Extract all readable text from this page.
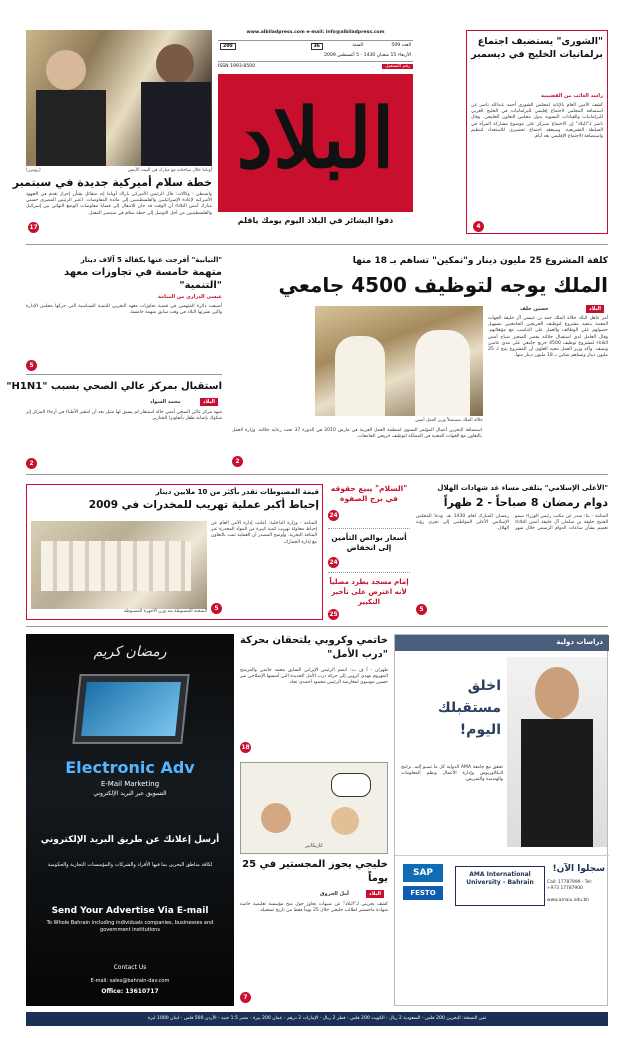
أوباما خلال مباحثاته مع مبارك في البيت الأبيض
(رويترز)
خطة سلام أميركية جديدة في سبتمبر
واشنطن - وكالات: قال الرئيس الأميركي باراك أوباما إنه متفائل بشأن إحراز تقدم في الجهود الأميركية لإعادة الإسرائيليين والفلسطينيين إلى مائدة المفاوضات. اعتبر الرئيس المصري حسني مبارك أمس الثلاثاء أن الوقت قد حان للانتقال إلى قضايا مفاوضات الوضع النهائي بين إسرائيل والفلسطينيين من أجل التوصل إلى خطة سلام في سبتمبر المقبل.
17
www.albiladpress.com e-mail: info@albiladpress.com
العدد 509
السنة
36
200
الأربعاء 15 شعبان 1430 - 5 أغسطس 2009
رقم التسجيل
ISSN 1993-8500
البلاد
دقوا البشائر في البلاد اليوم يومك ياقلم
"الشورى" يستضيف اجتماع برلمانيات الخليج في ديسمبر
راشد الغائب من القضيبية
كشف الأمين العام بالإنابة لمجلس الشورى أحمد عبدالله ناصر عن استضافة المجلس لاجتماع إقليمي للبرلمانيات في الخليج العربي للبرلمانيات والقيادات النسوية بدول مجلس التعاون الخليجي. وقال ناصر لـ"البلاد" إن الاجتماع سيركز على موضوع مشاركة المرأة في السلطة التشريعية. وسيعقد اجتماع تحضيري للاستعداد لتنظيم واستضافة الاجتماع الإقليمي بعد أيام.
4
كلفة المشروع 25 مليون دينار و"تمكين" تساهم بـ 18 منها
الملك يوجه لتوظيف 4500 جامعي
البلاد
حسين خلف
أمر عاهل البلاد جلالة الملك حمد بن عيسى آل خليفة الجهات المعنية بتنفيذ مشروع لتوظيف الخريجين الجامعيين بتسهيل حصولهم على الوظائف والعمل على التناسب مع مؤهلاتهم. وقال العامل لدى استقبال جلالته بقصر الصخير صباح أمس الثلاثاء لمشروع توظيف 4500 خريج جامعي على مدى عامين ونصف. وأكد وزير العمل مجيد العلوي أن المشروع يتيح لـ 25 مليون دينار وتساهم تمكين بـ 18 مليون دينار منها.
جلالة الملك مستقبلاً وزير العمل أمس
استضافة البحرين أعمال المؤتمر السنوي لمنظمة العمل العربية في مارس 2010 في الدورة 37 تحت رعاية جلالته. وزارة العمل بالتعاون مع الجهات المعنية في المملكة لتوظيف خريجي الجامعات.
2
"النيابية" أفرجت عنها بكفالة 5 آلاف دينار
متهمة خامسة في تجاوزات معهد "التنمية"
عيسى الدرازي من المنامة
أضيفت دائرة المتهمين في قضية تجاوزات معهد البحرين للتنمية السياسية التي حركها مجلس الإدارة والتي نشرتها البلاد في وقت سابق متهمة خامسة.
5
استقبال بمركز عالي الصحي بسبب "H1N1"
البلاد
محمد السواد
شهد مركز عالي الصحي أمس حالة استنفار لم يسبق لها مثيل بعد أن انتشر الأطباء في أرجاء المركز إثر شكوك بإصابة طفل بأنفلونزا الخنازير.
2
قيمة المضبوطات تقدر بأكثر من 10 ملايين دينار
إحباط أكبر عملية تهريب للمخدرات في 2009
الشحنة المضبوطة بعد وزن الأجهزة المضبوطة
المنامة - وزارة الداخلية: أعلنت إدارة الأمن العام عن إحباط محاولة تهريب كمية كبيرة من المواد المخدرة عبر المنافذ البحرية. وأوضح المصدر أن العملية تمت بالتعاون مع إدارة الجمارك.
5
"السلام" يبيع حقوقه في برج الصفوة
24
أسعار بوالص التأمين إلى انخفاض
24
إمام مسجد يطرد مصلياً لأنه اعترض على تأخير التكبير
25
"الأعلى الإسلامي" يتلقى مساء غد شهادات الهلال
دوام رمضان 8 صباحاً - 2 ظهراً
المنامة - بنا: صدر عن مكتب رئيس الوزراء سمو الشيخ خليفة بن سلمان آل خليفة أمس الثلاثاء تعميم بشأن ساعات الدوام الرسمي خلال شهر رمضان المبارك لعام 1430 هـ. ودعا المجلس الإسلامي الأعلى المواطنين إلى تحري رؤية الهلال.
5
رمضان كريم
Electronic Adv
E-Mail Marketing
التسويق عبر البريد الإلكتروني
أرسل إعلانك عن طريق البريد الإلكتروني
لكافة مناطق البحرين بما فيها الأفراد والشركات والمؤسسات التجارية والحكومية
Send Your Advertise Via E-mail
To Whole Bahrain including individuals companies, businesses and government institutions
Contact Us
E-mail: sales@bahrain-dav.com
Office: 13610717
خاتمي وكروبي يلتحقان بحركة "درب الأمل"
طهران - أ ف ب: انضم الرئيس الإيراني السابق محمد خاتمي والمرشح المهزوم مهدي كروبي إلى حركة درب الأمل الجديدة التي أسسها الإصلاحي مير حسين موسوي لمعارضة الرئيس محمود أحمدي نجاد.
18
كاريكاتير
خليجي يحوز المجستير في 25 يوماً
البلاد
أمل الحروق
كشف بحريني لـ"البلاد" عن شبهات تجاوز حول منح مؤسسة تعليمية خاصة شهادة ماجستير لطالب خليجي خلال 25 يوماً فقط من تاريخ تسجيله.
7
دراسات دولية
اخلق مستقبلك اليوم!
تحقق مع جامعة AMA الدولية كل ما تصبو إليه. برامج البكالوريوس وإدارة الأعمال ونظم المعلومات والهندسة والتمريض.
AMA International University - Bahrain
SAP
FESTO
سجلوا الآن!
Call: 17787999 - Tel: +973 17787900
www.amaiu.edu.bh
ثمن النسخة: البحرين 200 فلس - السعودية 2 ريال - الكويت 200 فلس - قطر 2 ريال - الإمارات 2 درهم - عمان 200 بيزة - مصر 1.5 جنيه - الأردن 500 فلس - لبنان 1000 ليرة
